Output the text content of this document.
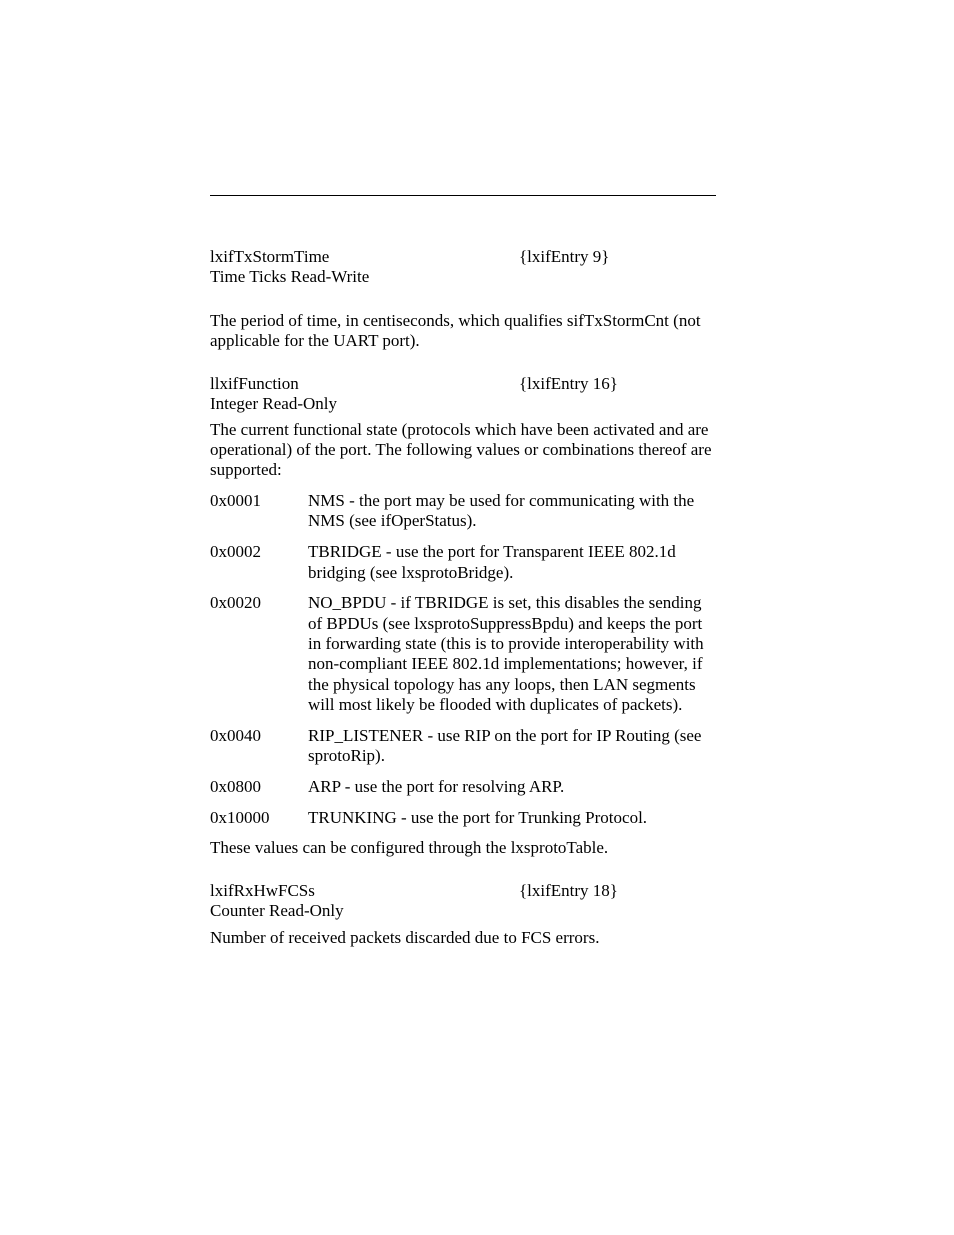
lxifTxStormTime	{lxifEntry 9}
Time Ticks Read-Write

The period of time, in centiseconds, which qualifies sifTxStormCnt (not applicable for the UART port).

llxifFunction	{lxifEntry 16}
Integer Read-Only

The current functional state (protocols which have been activated and are operational) of the port. The following values or combinations thereof are supported:

0x0001	NMS - the port may be used for communicating with the NMS (see ifOperStatus).
0x0002	TBRIDGE - use the port for Transparent IEEE 802.1d bridging (see lxsprotoBridge).
0x0020	NO_BPDU - if TBRIDGE is set, this disables the sending of BPDUs (see lxsprotoSuppressBpdu) and keeps the port in forwarding state (this is to provide interoperability with non-compliant IEEE 802.1d implementations; however, if the physical topology has any loops, then LAN segments will most likely be flooded with duplicates of packets).
0x0040	RIP_LISTENER - use RIP on the port for IP Routing (see sprotoRip).
0x0800	ARP - use the port for resolving ARP.
0x10000	TRUNKING - use the port for Trunking Protocol.

These values can be configured through the lxsprotoTable.

lxifRxHwFCSs	{lxifEntry 18}
Counter Read-Only

Number of received packets discarded due to FCS errors.
